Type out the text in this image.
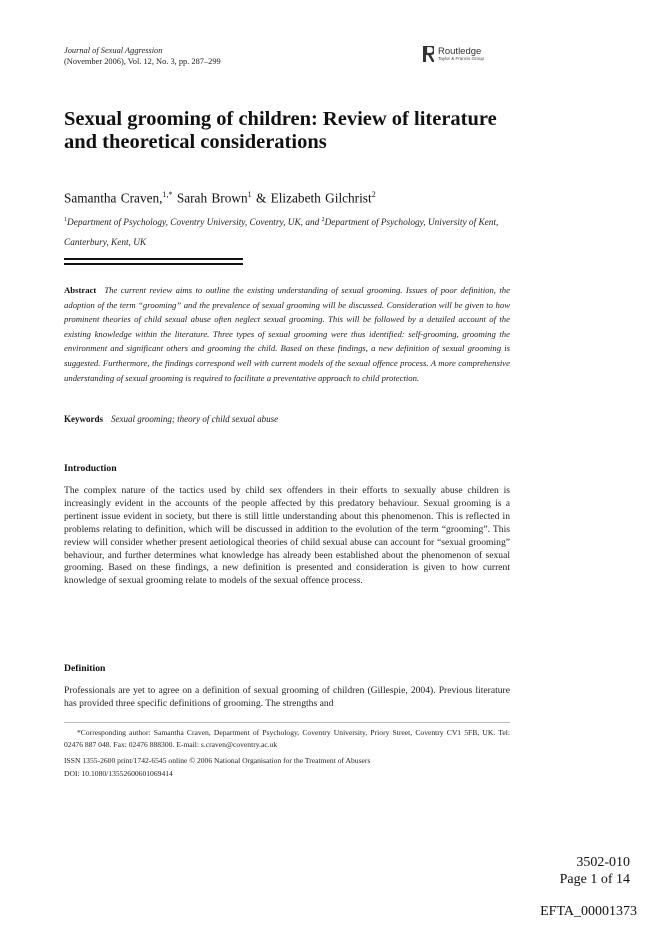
Journal of Sexual Aggression
(November 2006), Vol. 12, No. 3, pp. 287–299
Routledge
Taylor & Francis Group
Sexual grooming of children: Review of literature and theoretical considerations
Samantha Craven,$^{1,*}$ Sarah Brown$^1$ & Elizabeth Gilchrist$^2$
$^1$Department of Psychology, Coventry University, Coventry, UK, and $^2$Department of Psychology, University of Kent, Canterbury, Kent, UK
Abstract The current review aims to outline the existing understanding of sexual grooming. Issues of poor definition, the adoption of the term “grooming” and the prevalence of sexual grooming will be discussed. Consideration will be given to how prominent theories of child sexual abuse often neglect sexual grooming. This will be followed by a detailed account of the existing knowledge within the literature. Three types of sexual grooming were thus identified: self-grooming, grooming the environment and significant others and grooming the child. Based on these findings, a new definition of sexual grooming is suggested. Furthermore, the findings correspond well with current models of the sexual offence process. A more comprehensive understanding of sexual grooming is required to facilitate a preventative approach to child protection.
Keywords Sexual grooming; theory of child sexual abuse
Introduction
The complex nature of the tactics used by child sex offenders in their efforts to sexually abuse children is increasingly evident in the accounts of the people affected by this predatory behaviour. Sexual grooming is a pertinent issue evident in society, but there is still little understanding about this phenomenon. This is reflected in problems relating to definition, which will be discussed in addition to the evolution of the term “grooming”. This review will consider whether present aetiological theories of child sexual abuse can account for “sexual grooming” behaviour, and further determines what knowledge has already been established about the phenomenon of sexual grooming. Based on these findings, a new definition is presented and consideration is given to how current knowledge of sexual grooming relate to models of the sexual offence process.
Definition
Professionals are yet to agree on a definition of sexual grooming of children (Gillespie, 2004). Previous literature has provided three specific definitions of grooming. The strengths and
*Corresponding author: Samantha Craven, Department of Psychology, Coventry University, Priory Street, Coventry CV1 5FB, UK. Tel: 02476 887 048. Fax: 02476 888300. E-mail: s.craven@coventry.ac.uk
ISSN 1355-2600 print/1742-6545 online © 2006 National Organisation for the Treatment of Abusers
DOI: 10.1080/13552600601069414
3502-010
Page 1 of 14
EFTA_00001373
